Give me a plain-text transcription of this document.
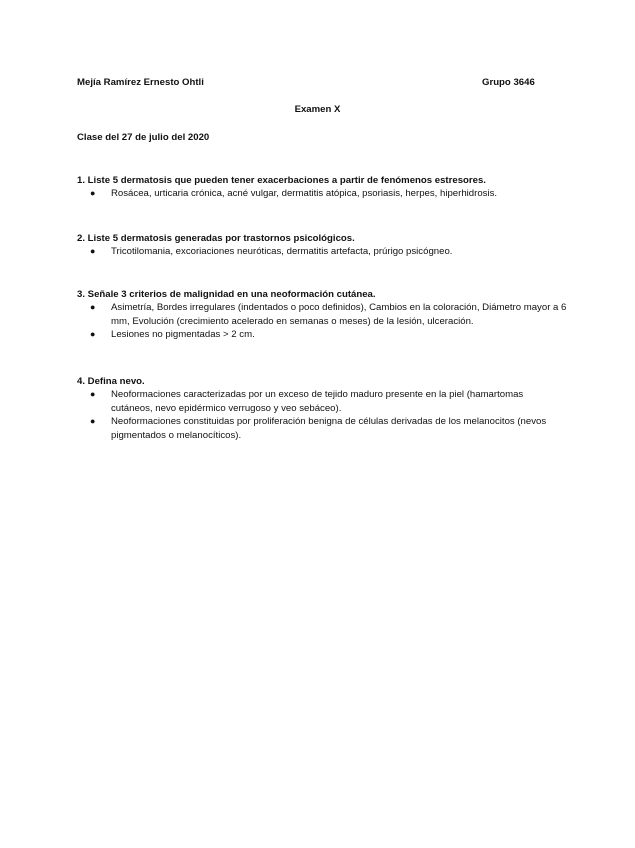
Mejía Ramírez Ernesto Ohtli	Grupo 3646
Examen X
Clase del 27 de julio del 2020
1. Liste 5 dermatosis que pueden tener exacerbaciones a partir de fenómenos estresores.
● Rosácea, urticaria crónica, acné vulgar, dermatitis atópica, psoriasis, herpes, hiperhidrosis.
2. Liste 5 dermatosis generadas por trastornos psicológicos.
● Tricotilomania, excoriaciones neuróticas, dermatitis artefacta, prúrigo psicógneo.
3. Señale 3 criterios de malignidad en una neoformación cutánea.
● Asimetría, Bordes irregulares (indentados o poco definidos), Cambios en la coloración, Diámetro mayor a 6 mm, Evolución (crecimiento acelerado en semanas o meses) de la lesión, ulceración.
● Lesiones no pigmentadas > 2 cm.
4. Defina nevo.
● Neoformaciones caracterizadas por un exceso de tejido maduro presente en la piel (hamartomas cutáneos, nevo epidérmico verrugoso y veo sebáceo).
● Neoformaciones constituidas por proliferación benigna de células derivadas de los melanocitos (nevos pigmentados o melanocíticos).
